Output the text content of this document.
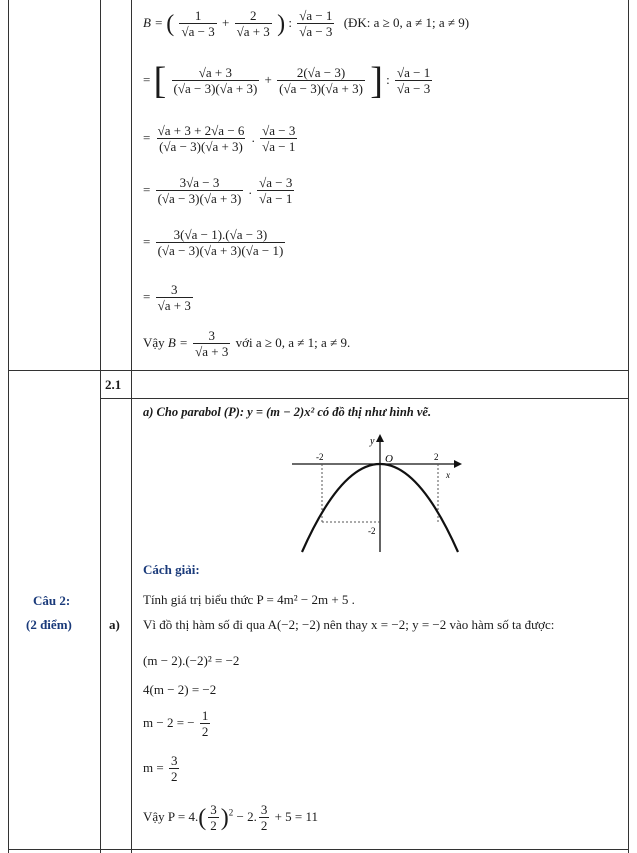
B = ( $\frac{1}{√a - 3} + \frac{2}{√a + 3}$ ) : $\frac{√a - 1}{√a - 3}$ (ĐK: a ≥ 0, a ≠ 1; a ≠ 9)
= [ $\frac{√a + 3}{(√a - 3)(√a + 3)} + \frac{2(√a - 3)}{(√a - 3)(√a + 3)}$ ] : $\frac{√a - 1}{√a - 3}$
= $\frac{√a + 3 + 2√a - 6}{(√a - 3)(√a + 3)}$ . $\frac{√a - 3}{√a - 1}$
= $\frac{3√a - 3}{(√a - 3)(√a + 3)}$ . $\frac{√a - 3}{√a - 1}$
= $\frac{3(√a - 1).(√a - 3)}{(√a - 3)(√a + 3)(√a - 1)}$
= $\frac{3}{√a + 3}$
Vậy $B = \frac{3}{√a + 3}$ với a ≥ 0, a ≠ 1; a ≠ 9.
2.1
Câu 2:
(2 điểm)	a)
a) Cho parabol (P): y = (m − 2)x² có đồ thị như hình vẽ.
y
x
O
-2	2
-2
Cách giải:
Tính giá trị biểu thức P = 4m² − 2m + 5 .
Vì đồ thị hàm số đi qua A(−2; −2) nên thay x = −2; y = −2 vào hàm số ta được:
(m − 2).(−2)² = −2
4(m − 2) = −2
m − 2 = − $\frac{1}{2}$
$m = \frac{3}{2}$
Vậy $P = 4.( \frac{3}{2} )^2 - 2$. $\frac{3}{2} + 5 = 11$
